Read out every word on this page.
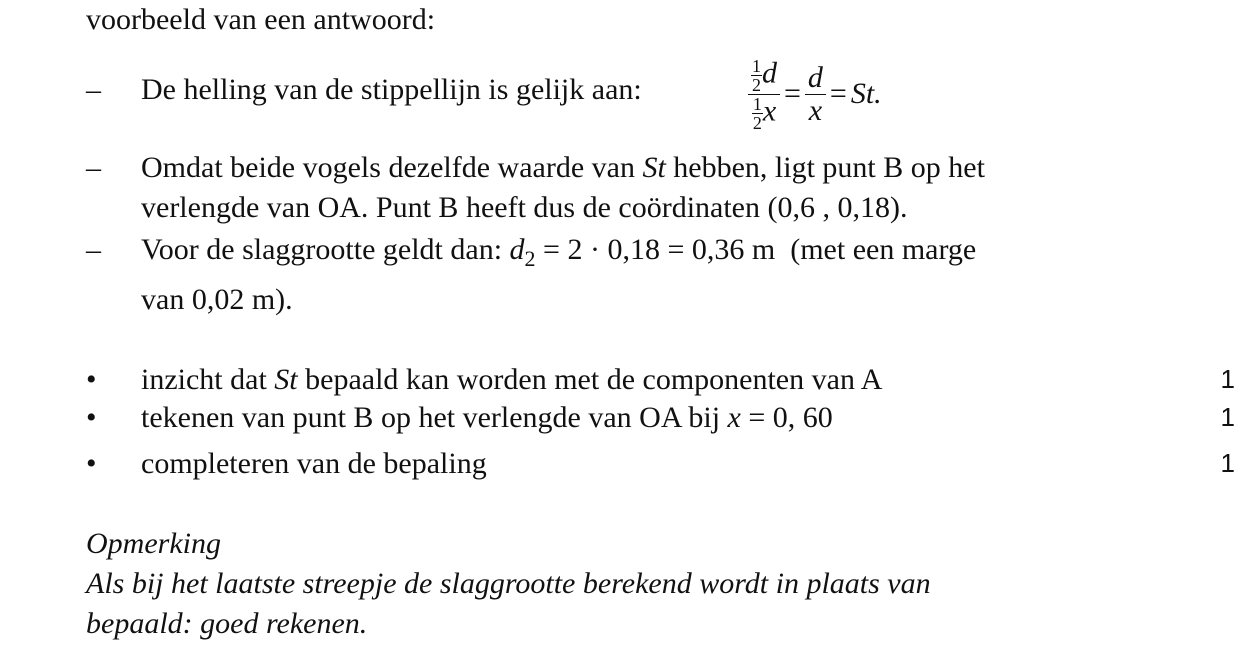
voorbeeld van een antwoord:
– De helling van de stippellijn is gelijk aan:	$\frac{\frac{1}{2} d}{\frac{1}{2} x} = \frac{d}{x} = St$.
– Omdat beide vogels dezelfde waarde van St hebben, ligt punt B op het
verlengde van OA. Punt B heeft dus de coördinaten (0,6 , 0,18).
– Voor de slaggrootte geldt dan: $d_2 = 2 \cdot 0,18 = 0,36$ m (met een marge
van 0,02 m).
• inzicht dat St bepaald kan worden met de componenten van A	1
• tekenen van punt B op het verlengde van OA bij x = 0, 60	1
• completeren van de bepaling	1
Opmerking
Als bij het laatste streepje de slaggrootte berekend wordt in plaats van
bepaald: goed rekenen.
